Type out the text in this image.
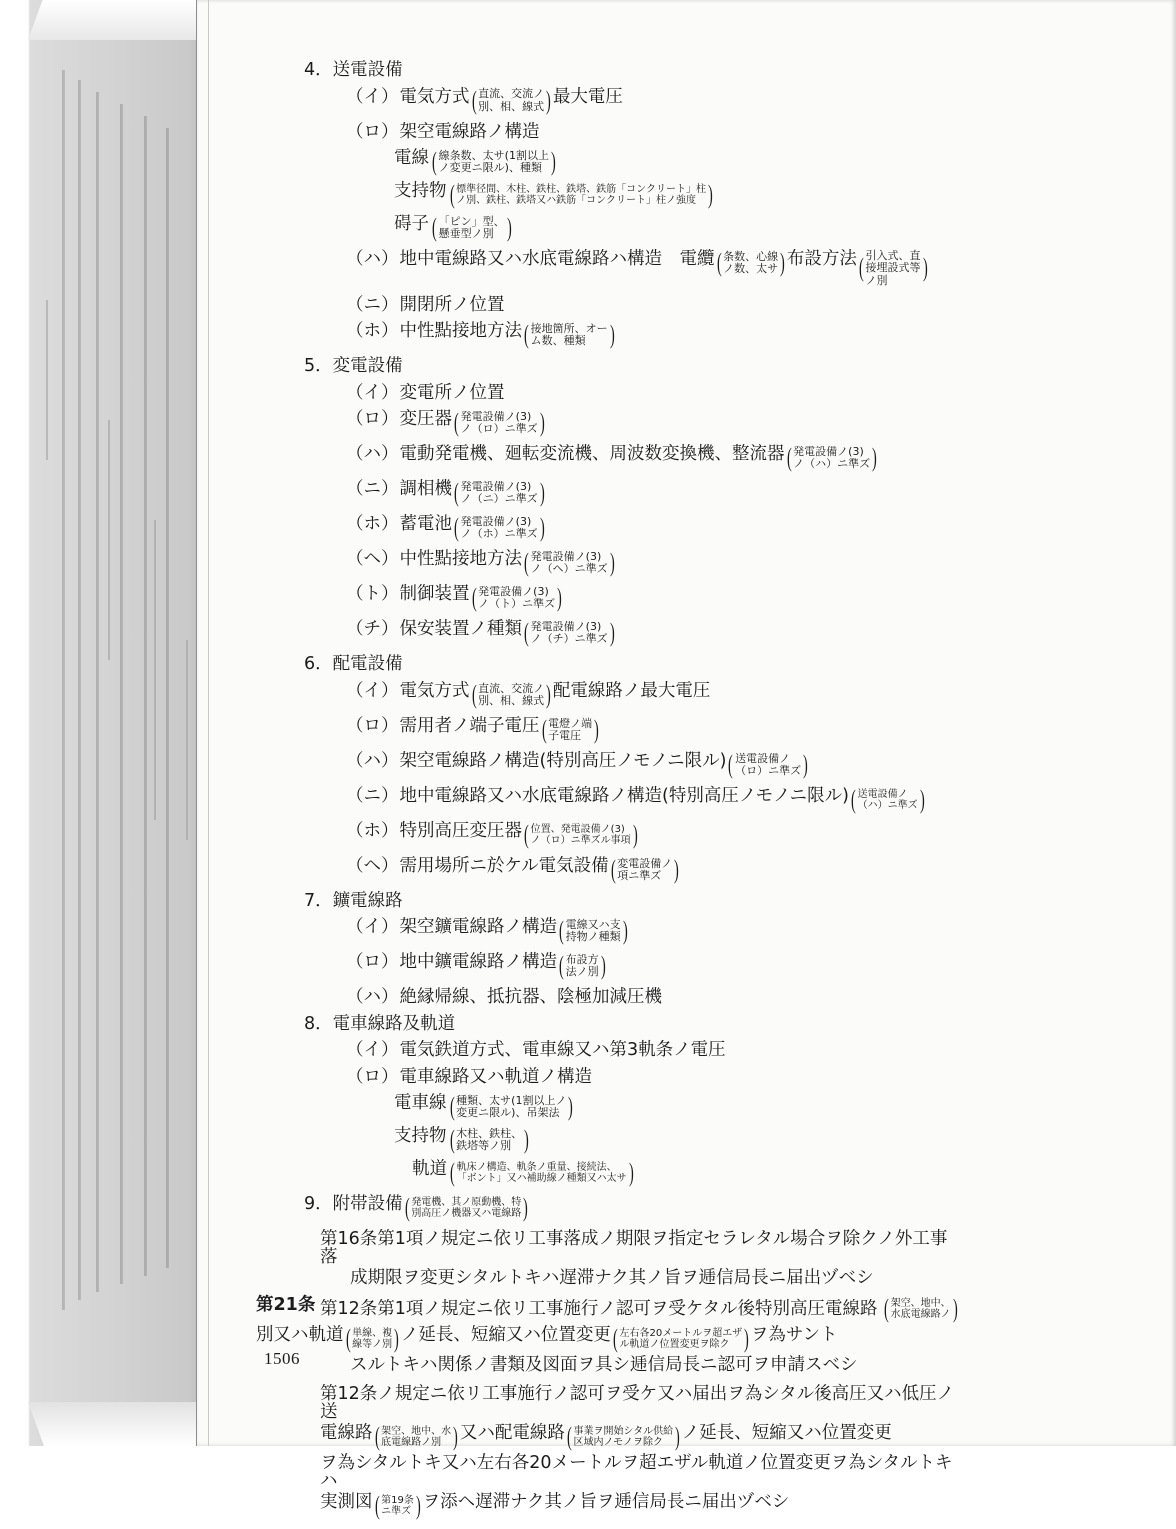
4． 送電設備
（イ） 電気方式 ( 直流、交流ノ
別、相、線式 ) 最大電圧
（ロ） 架空電線路ノ構造
電線 ( 線条数、太サ(1割以上
ノ変更ニ限ル)、種類 )
支持物 ( 標準径間、木柱、鉄柱、鉄塔、鉄筋「コンクリート」柱
ノ別、鉄柱、鉄塔又ハ鉄筋「コンクリート」柱ノ強度 )
碍子 ( 「ピン」型、
懸垂型ノ別 )
（ハ） 地中電線路又ハ水底電線路ハ構造　電纜 ( 条数、心線
ノ数、太サ ) 布設方法 ( 引入式、直
接埋設式等
ノ別	)
（ニ） 開閉所ノ位置
（ホ） 中性點接地方法 ( 接地箇所、オー
ム数、種類 )
5． 変電設備
（イ） 変電所ノ位置
（ロ） 変圧器 ( 発電設備ノ(3)
ノ（ロ）ニ準ズ )
（ハ） 電動発電機、廻転変流機、周波数変換機、整流器 ( 発電設備ノ(3)
ノ（ハ）ニ準ズ )
（ニ） 調相機 ( 発電設備ノ(3)
ノ（ニ）ニ準ズ )
（ホ） 蓄電池 ( 発電設備ノ(3)
ノ（ホ）ニ準ズ )
（ヘ） 中性點接地方法 ( 発電設備ノ(3)
ノ（ヘ）ニ準ズ )
（ト） 制御装置 ( 発電設備ノ(3)
ノ（ト）ニ準ズ )
（チ） 保安装置ノ種類 ( 発電設備ノ(3)
ノ（チ）ニ準ズ )
6． 配電設備
（イ） 電気方式 ( 直流、交流ノ
別、相、線式 ) 配電線路ノ最大電圧
（ロ） 需用者ノ端子電圧 ( 電燈ノ端
子電圧 )
（ハ） 架空電線路ノ構造(特別高圧ノモノニ限ル) ( 送電設備ノ
（ロ）ニ準ズ )
（ニ） 地中電線路又ハ水底電線路ノ構造(特別高圧ノモノニ限ル) ( 送電設備ノ
（ハ）ニ準ズ )
（ホ） 特別高圧変圧器 ( 位置、発電設備ノ(3)
ノ（ロ）ニ準ズル事項 )
（ヘ） 需用場所ニ於ケル電気設備 ( 変電設備ノ
項ニ準ズ )
7． 鑛電線路
（イ） 架空鑛電線路ノ構造 ( 電線又ハ支
持物ノ種類 )
（ロ） 地中鑛電線路ノ構造 ( 布設方
法ノ別 )
（ハ） 絶縁帰線、抵抗器、陰極加減圧機
8． 電車線路及軌道
（イ） 電気鉄道方式、電車線又ハ第3軌条ノ電圧
（ロ） 電車線路又ハ軌道ノ構造
電車線 ( 種類、太サ(1割以上ノ
変更ニ限ル)、吊架法 )
支持物 ( 木柱、鉄柱、
鉄塔等ノ別 )
軌道 ( 軌床ノ構造、軌条ノ重量、接続法、
「ボント」又ハ補助線ノ種類又ハ太サ )
9． 附帯設備 ( 発電機、其ノ原動機、特
別高圧ノ機器又ハ電線路 )
第16条第1項ノ規定ニ依リ工事落成ノ期限ヲ指定セラレタル場合ヲ除クノ外工事落
成期限ヲ変更シタルトキハ遅滞ナク其ノ旨ヲ逓信局長ニ届出ヅベシ
第21条 第12条第1項ノ規定ニ依リ工事施行ノ認可ヲ受ケタル後特別高圧電線路 ( 架空、地中、
水底電線路ノ )
別 又ハ軌道 ( 単線、複
線等ノ別 ) ノ延長、短縮又ハ位置変更 ( 左右各20メートルヲ超エザ
ル軌道ノ位置変更ヲ除ク ) ヲ為サント
スルトキハ関係ノ書類及図面ヲ具シ逓信局長ニ認可ヲ申請スベシ
第12条ノ規定ニ依リ工事施行ノ認可ヲ受ケ又ハ届出ヲ為シタル後高圧又ハ低圧ノ送
電線路 ( 架空、地中、水
底電線路ノ別 ) 又ハ配電線路 ( 事業ヲ開始シタル供給
区域内ノモノヲ除ク ) ノ延長、短縮又ハ位置変更
ヲ為シタルトキ又ハ左右各20メートルヲ超エザル軌道ノ位置変更ヲ為シタルトキハ
実測図 ( 第19条
ニ準ズ ) ヲ添ヘ遅滞ナク其ノ旨ヲ逓信局長ニ届出ヅベシ
1506
